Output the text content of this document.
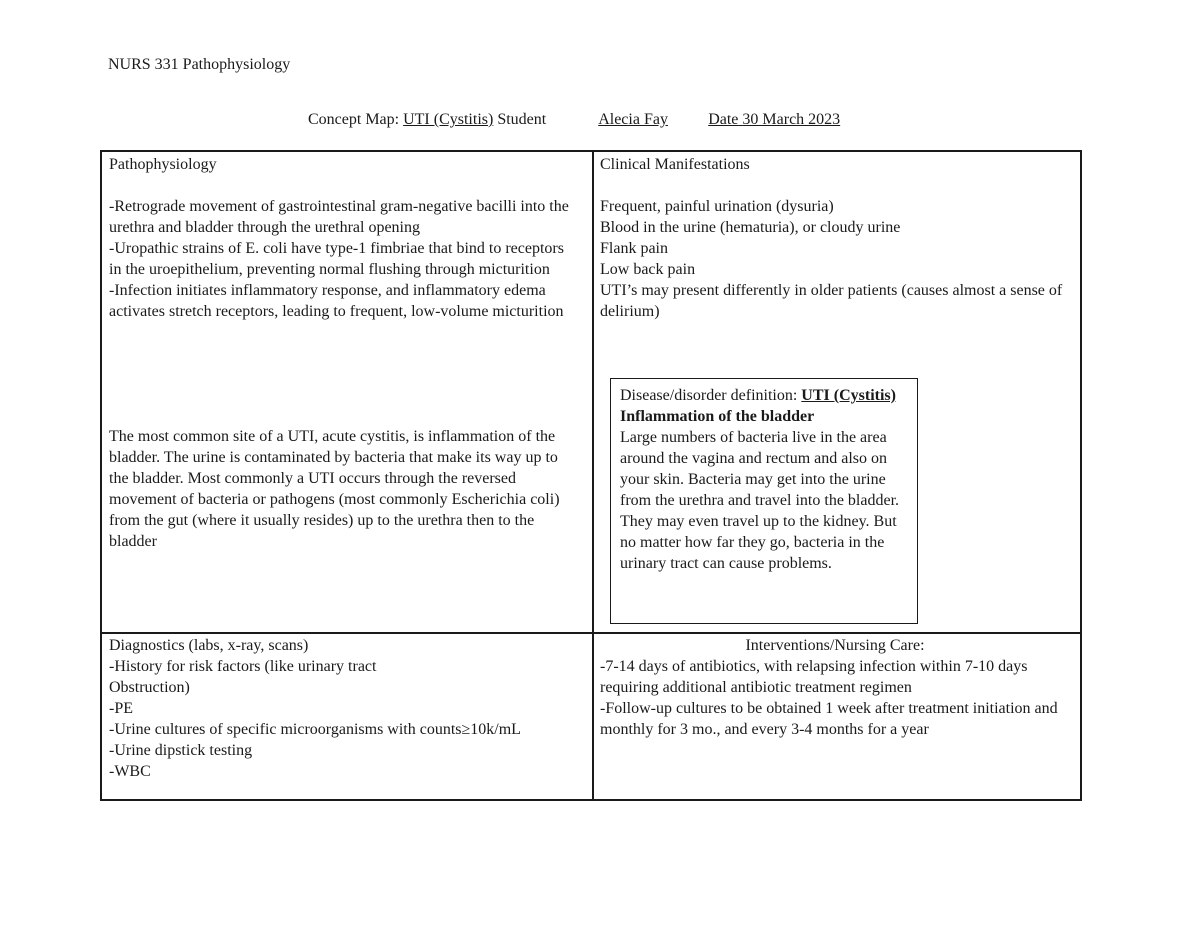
NURS 331 Pathophysiology
Concept Map: UTI (Cystitis) Student	Alecia Fay	Date 30 March 2023
Pathophysiology

-Retrograde movement of gastrointestinal gram-negative bacilli into the urethra and bladder through the urethral opening

-Uropathic strains of E. coli have type-1 fimbriae that bind to receptors in the uroepithelium, preventing normal flushing through micturition

-Infection initiates inflammatory response, and inflammatory edema activates stretch receptors, leading to frequent, low-volume micturition

The most common site of a UTI, acute cystitis, is inflammation of the bladder. The urine is contaminated by bacteria that make its way up to the bladder. Most commonly a UTI occurs through the reversed movement of bacteria or pathogens (most commonly Escherichia coli) from the gut (where it usually resides) up to the urethra then to the bladder
Clinical Manifestations
Frequent, painful urination (dysuria)
Blood in the urine (hematuria), or cloudy urine
Flank pain
Low back pain
UTI’s may present differently in older patients (causes almost a sense of delirium)
Disease/disorder definition: UTI (Cystitis)
Inflammation of the bladder
Large numbers of bacteria live in the area around the vagina and rectum and also on your skin. Bacteria may get into the urine from the urethra and travel into the bladder. They may even travel up to the kidney. But no matter how far they go, bacteria in the urinary tract can cause problems.
Diagnostics (labs, x-ray, scans)
-History for risk factors (like urinary tract
Obstruction)
-PE
-Urine cultures of specific microorganisms with counts≥10k/mL
-Urine dipstick testing
-WBC
Interventions/Nursing Care:
-7-14 days of antibiotics, with relapsing infection within 7-10 days requiring additional antibiotic treatment regimen
-Follow-up cultures to be obtained 1 week after treatment initiation and monthly for 3 mo., and every 3-4 months for a year
